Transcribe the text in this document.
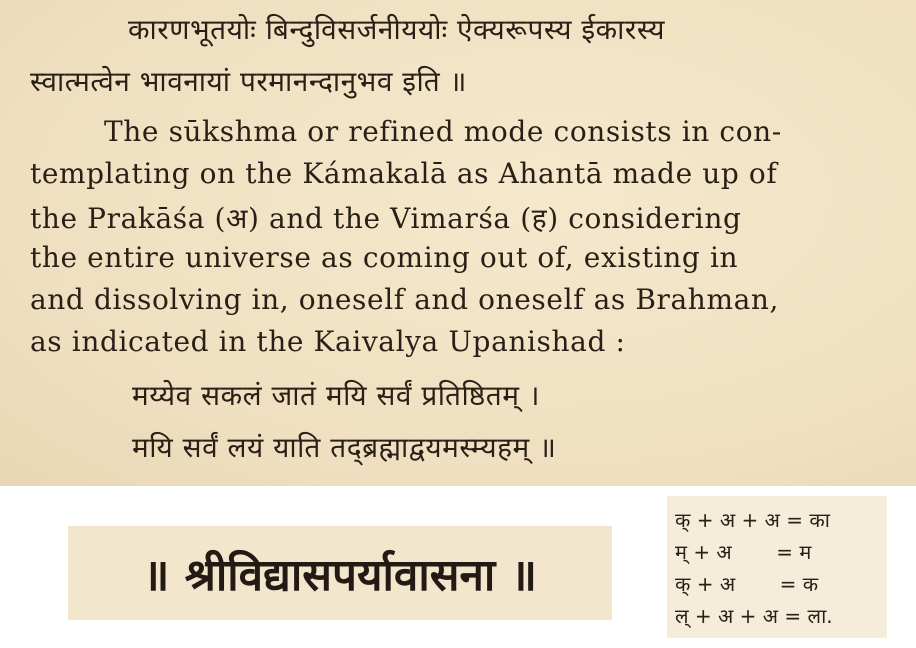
कारणभूतयोः बिन्दुविसर्जनीययोः ऐक्यरूपस्य ईकारस्य
स्वात्मत्वेन भावनायां परमानन्दानुभव इति ॥
The sūkshma or refined mode consists in con-
templating on the Kámakalā as Ahantā made up of
the Prakāśa (अ) and the Vimarśa (ह) considering
the entire universe as coming out of, existing in
and dissolving in, oneself and oneself as Brahman,
as indicated in the Kaivalya Upanishad :
मय्येव सकलं जातं मयि सर्वं प्रतिष्ठितम् ।
मयि सर्वं लयं याति तद्ब्रह्माद्वयमस्म्यहम् ॥
॥ श्रीविद्यासपर्यावासना ॥
क् + अ + अ = का
म् + अ       = म
क् + अ       = क
ल् + अ + अ = ला.
